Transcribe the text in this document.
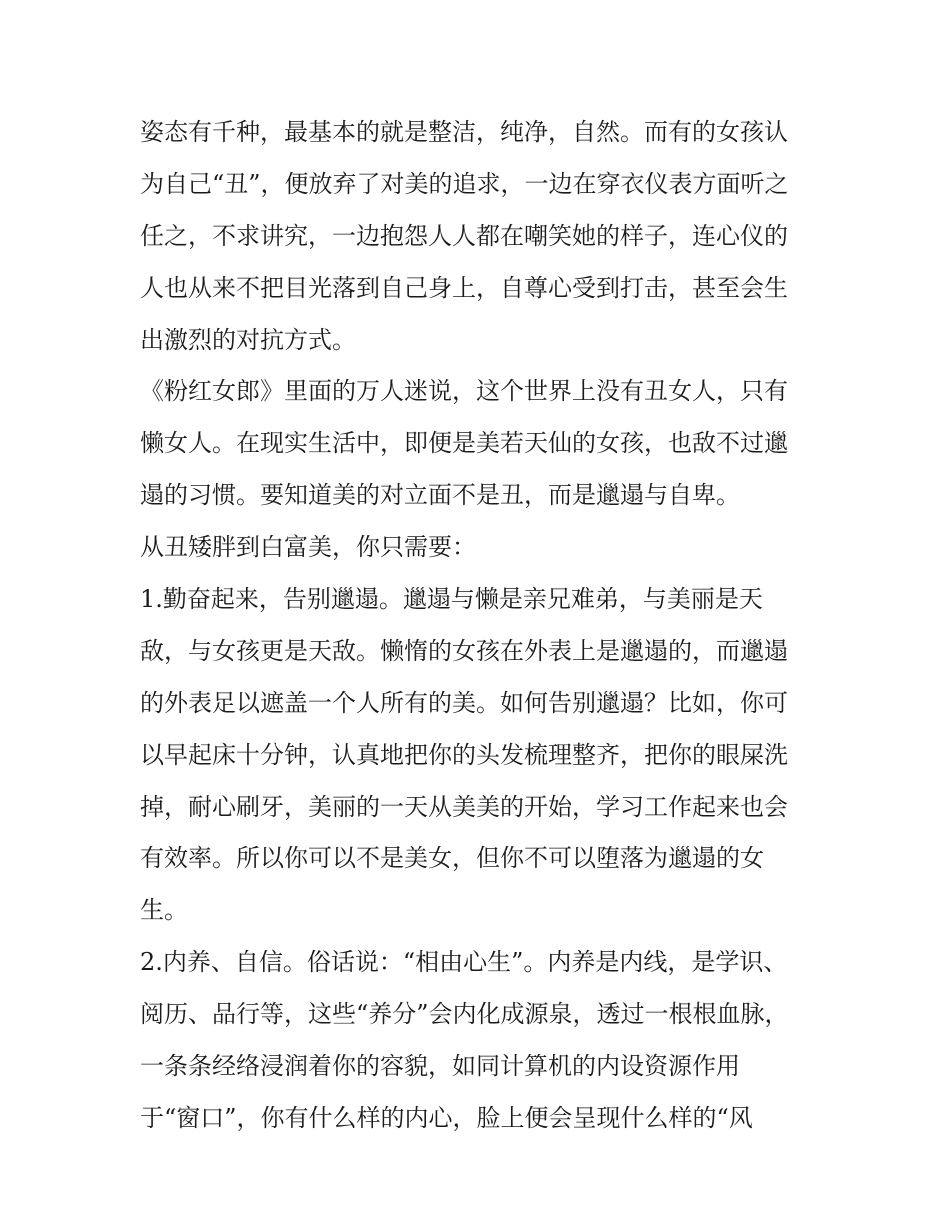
姿态有千种，最基本的就是整洁，纯净，自然。而有的女孩认
为自己“丑”，便放弃了对美的追求，一边在穿衣仪表方面听之
任之，不求讲究，一边抱怨人人都在嘲笑她的样子，连心仪的
人也从来不把目光落到自己身上，自尊心受到打击，甚至会生
出激烈的对抗方式。
《粉红女郎》里面的万人迷说，这个世界上没有丑女人，只有
懒女人。在现实生活中，即便是美若天仙的女孩，也敌不过邋
遢的习惯。要知道美的对立面不是丑，而是邋遢与自卑。
从丑矮胖到白富美，你只需要：
1.勤奋起来，告别邋遢。邋遢与懒是亲兄难弟，与美丽是天
敌，与女孩更是天敌。懒惰的女孩在外表上是邋遢的，而邋遢
的外表足以遮盖一个人所有的美。如何告别邋遢？比如，你可
以早起床十分钟，认真地把你的头发梳理整齐，把你的眼屎洗
掉，耐心刷牙，美丽的一天从美美的开始，学习工作起来也会
有效率。所以你可以不是美女，但你不可以堕落为邋遢的女
生。
2.内养、自信。俗话说：“相由心生”。内养是内线，是学识、
阅历、品行等，这些“养分”会内化成源泉，透过一根根血脉，
一条条经络浸润着你的容貌，如同计算机的内设资源作用
于“窗口”，你有什么样的内心，脸上便会呈现什么样的“风
